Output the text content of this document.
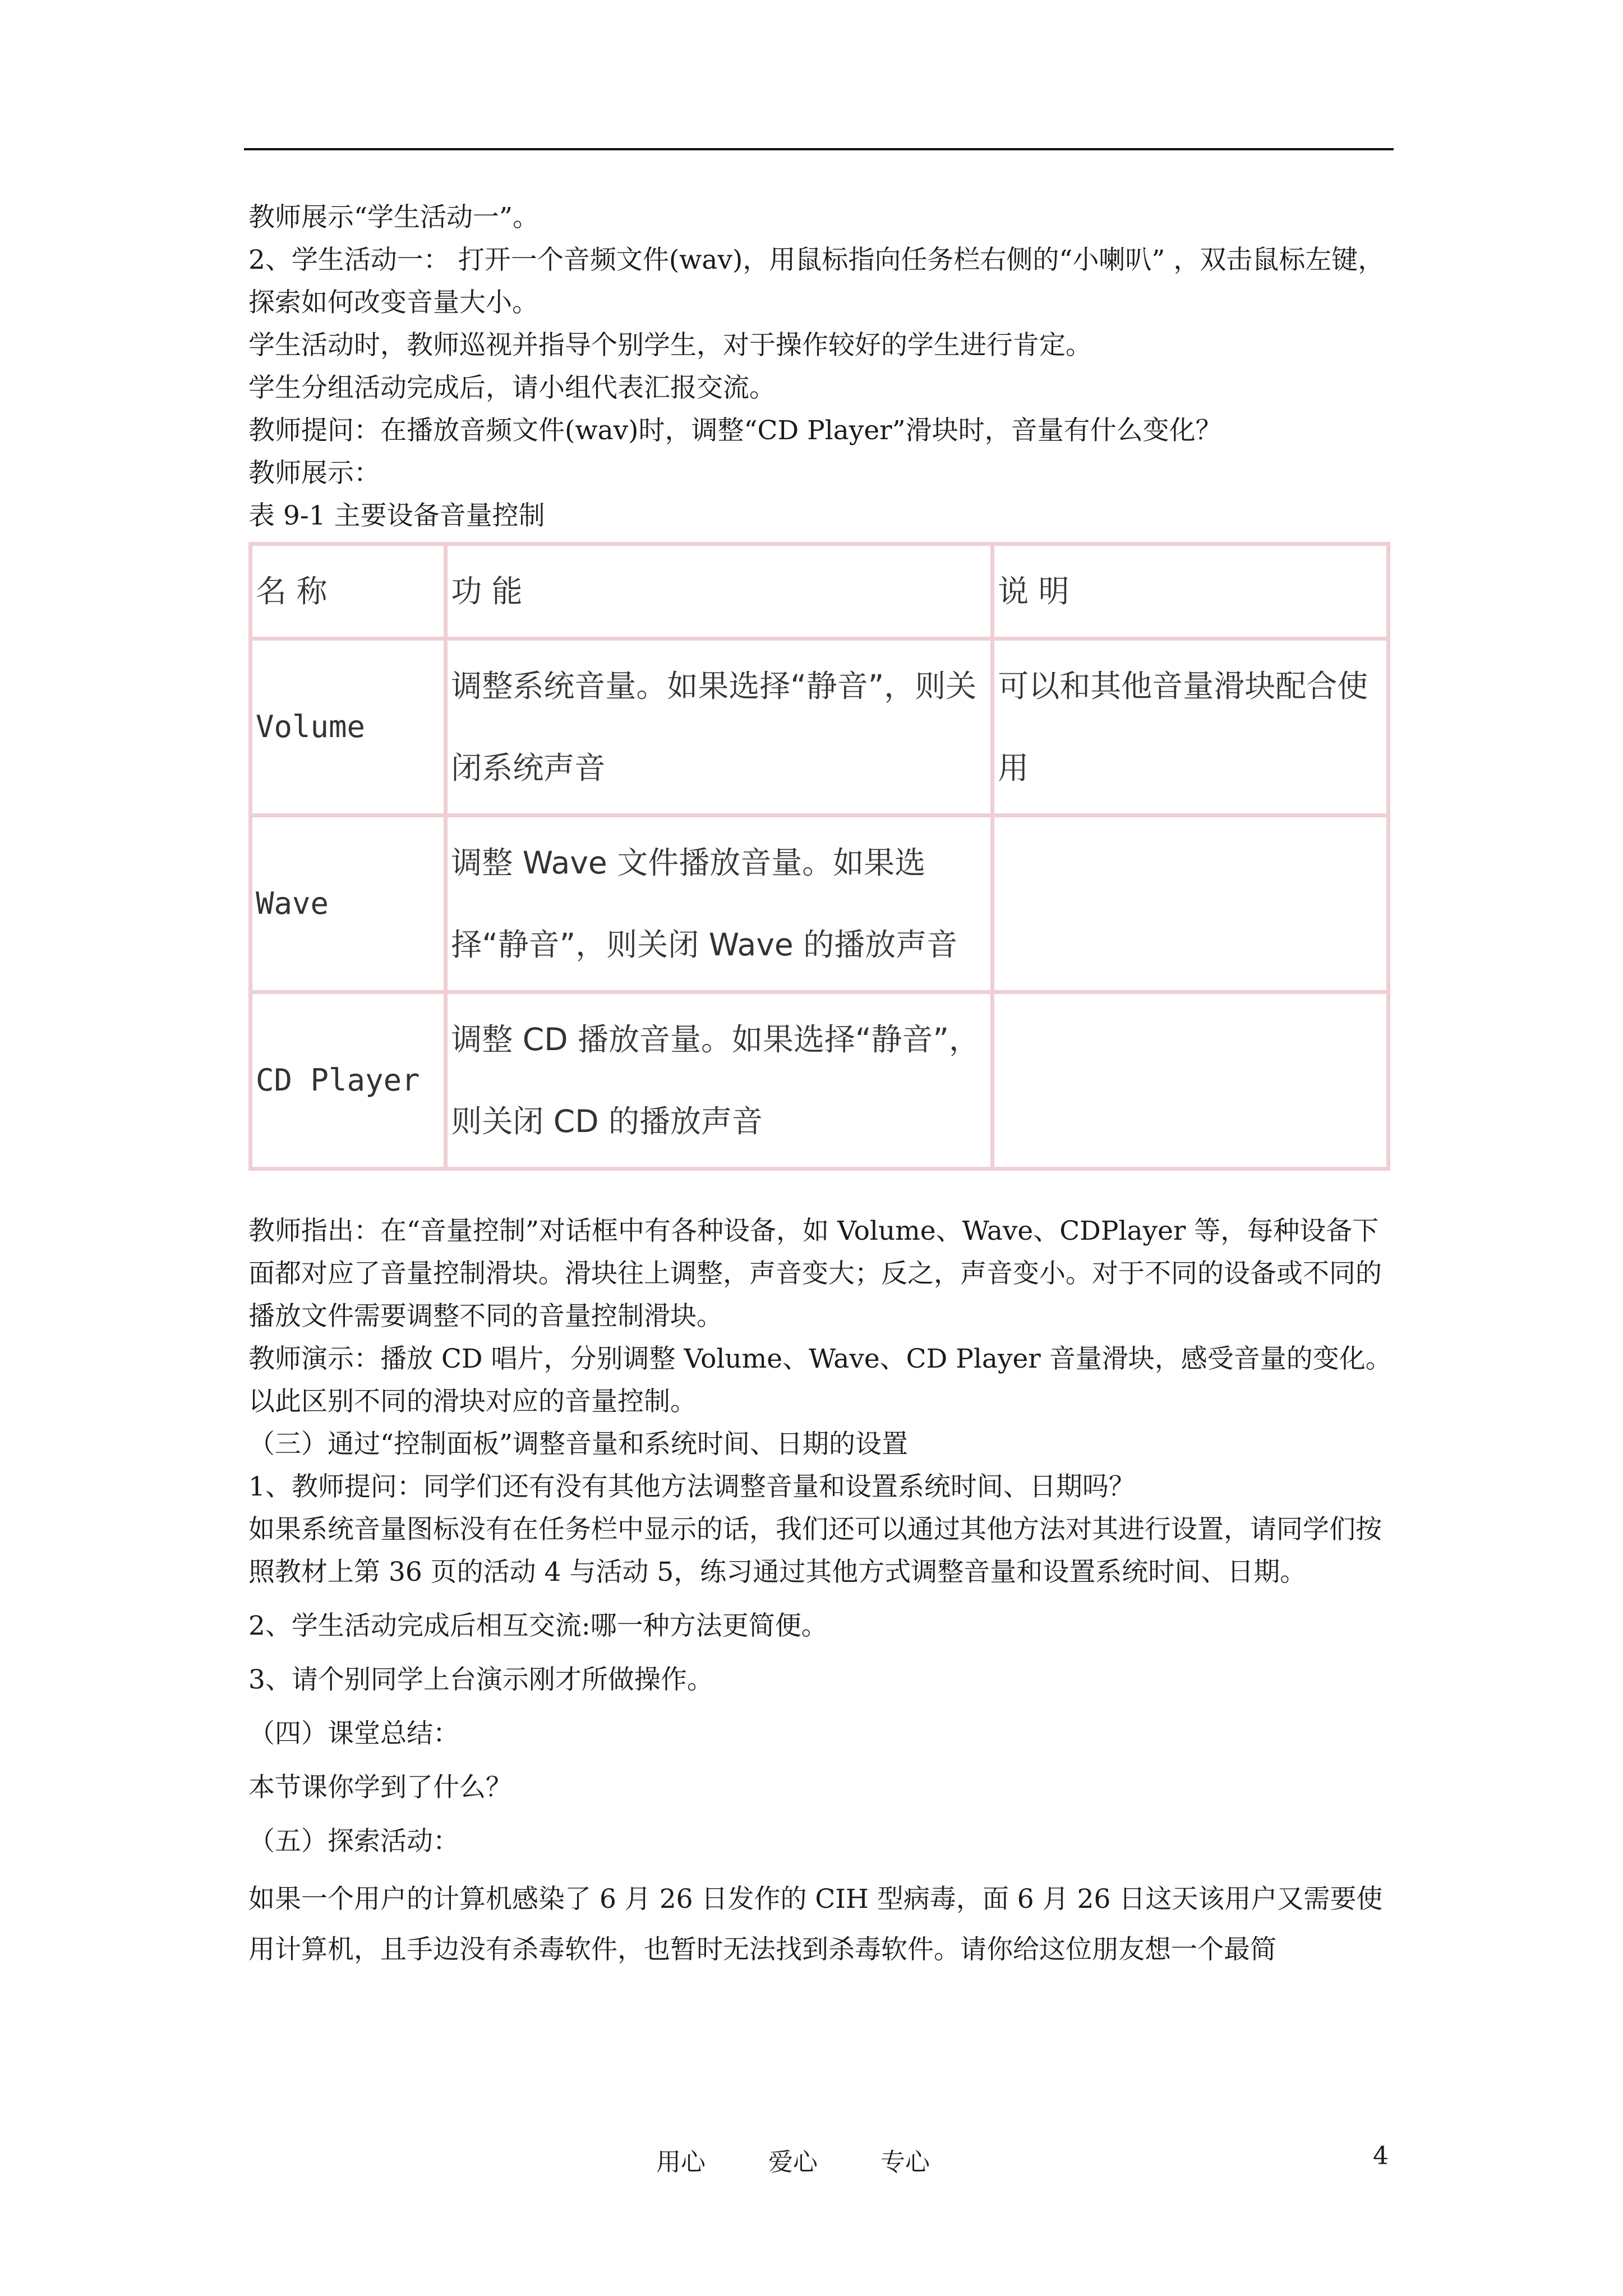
教师展示“学生活动一”。

2、学生活动一： 打开一个音频文件(wav)，用鼠标指向任务栏右侧的“小喇叭” ，双击鼠标左键，探索如何改变音量大小。

学生活动时，教师巡视并指导个别学生，对于操作较好的学生进行肯定。

学生分组活动完成后，请小组代表汇报交流。

教师提问：在播放音频文件(wav)时，调整“CD Player”滑块时，音量有什么变化？

教师展示：

表 9-1 主要设备音量控制

名 称	功 能	说 明
Volume	调整系统音量。如果选择“静音”，则关闭系统声音	可以和其他音量滑块配合使用
Wave	调整 Wave 文件播放音量。如果选择“静音”，则关闭 Wave 的播放声音	
CD Player	调整 CD 播放音量。如果选择“静音”，则关闭 CD 的播放声音	

教师指出：在“音量控制”对话框中有各种设备，如 Volume、Wave、CDPlayer 等，每种设备下面都对应了音量控制滑块。滑块往上调整，声音变大；反之，声音变小。对于不同的设备或不同的播放文件需要调整不同的音量控制滑块。

教师演示：播放 CD 唱片，分别调整 Volume、Wave、CD Player 音量滑块，感受音量的变化。以此区别不同的滑块对应的音量控制。

（三）通过“控制面板”调整音量和系统时间、日期的设置

1、教师提问：同学们还有没有其他方法调整音量和设置系统时间、日期吗？

如果系统音量图标没有在任务栏中显示的话，我们还可以通过其他方法对其进行设置，请同学们按照教材上第 36 页的活动 4 与活动 5，练习通过其他方式调整音量和设置系统时间、日期。

2、学生活动完成后相互交流:哪一种方法更简便。

3、请个别同学上台演示刚才所做操作。

（四）课堂总结：

本节课你学到了什么？

（五）探索活动：

如果一个用户的计算机感染了 6 月 26 日发作的 CIH 型病毒，面 6 月 26 日这天该用户又需要使用计算机，且手边没有杀毒软件，也暂时无法找到杀毒软件。请你给这位朋友想一个最简

用心	爱心	专心	4
